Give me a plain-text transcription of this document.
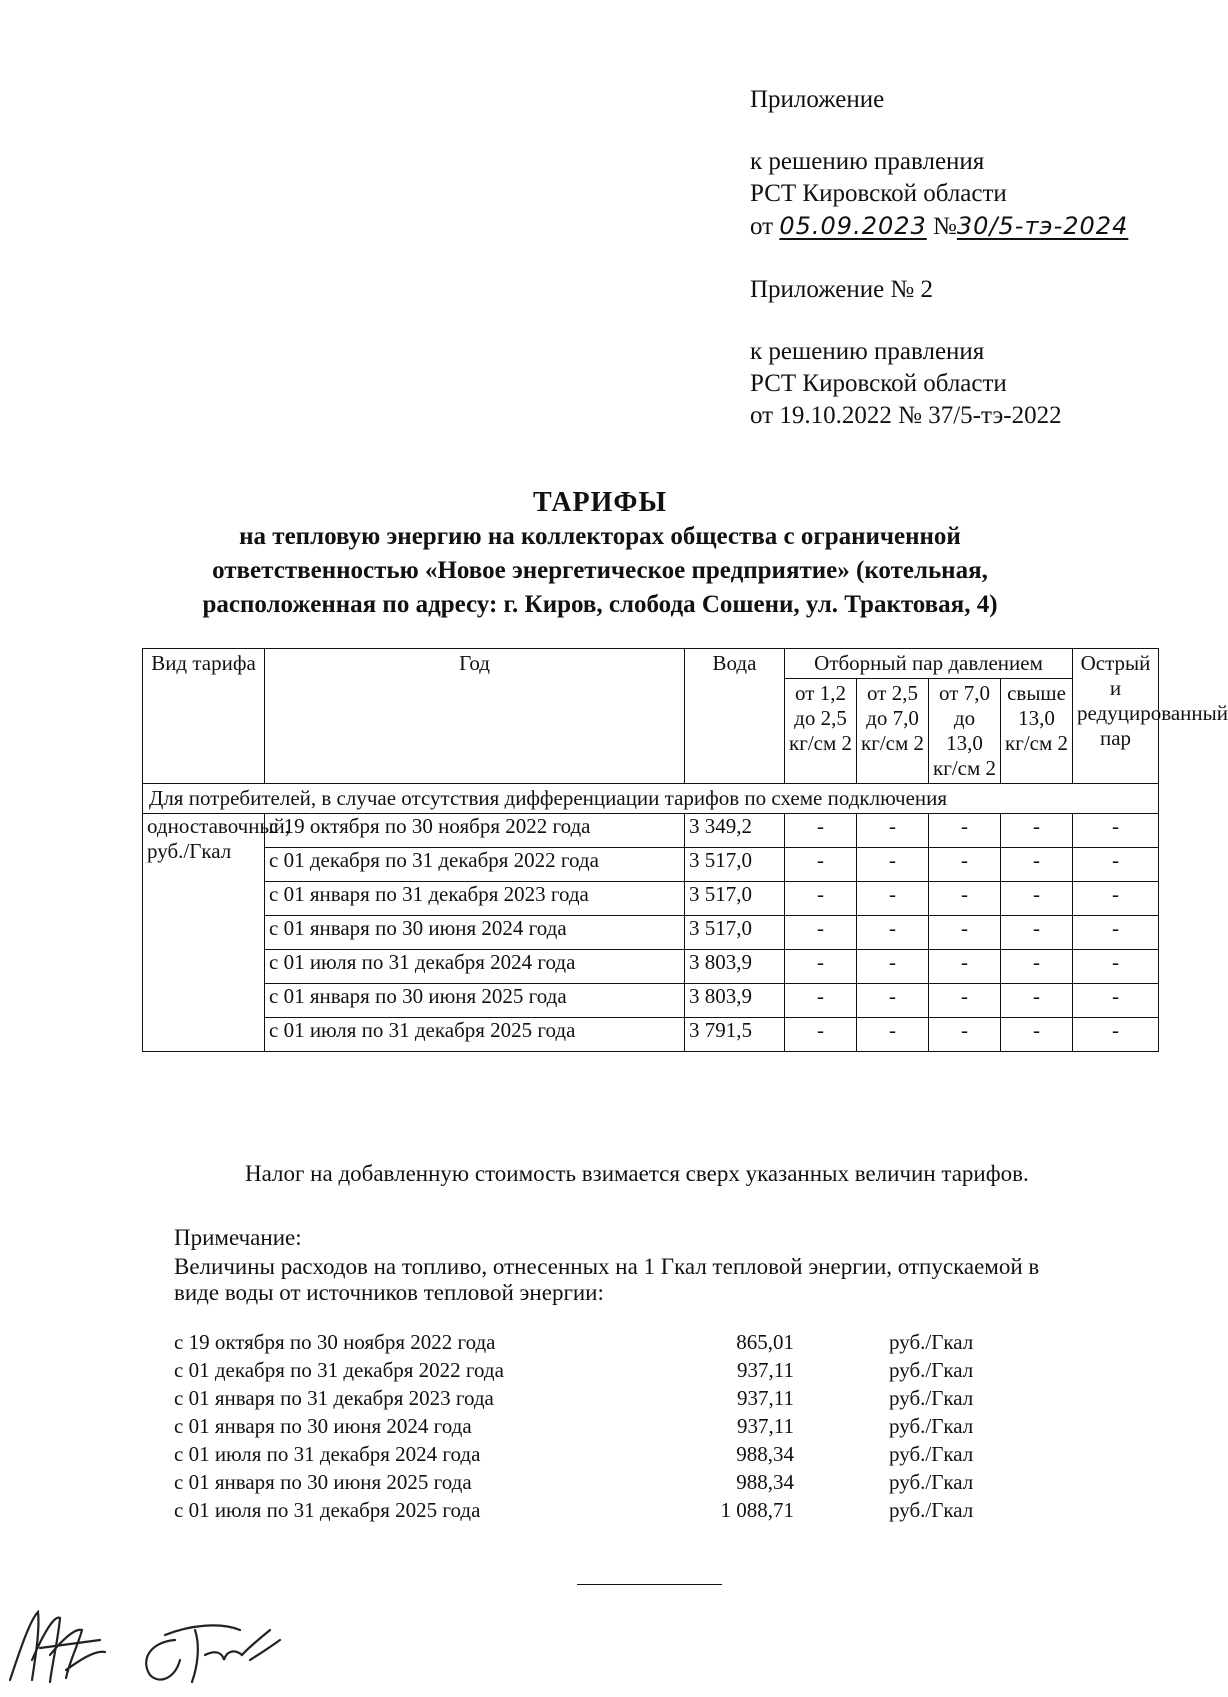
Приложение
к решению правления
РСТ Кировской области
от 05.09.2023 №30/5-тэ-2024
Приложение № 2
к решению правления
РСТ Кировской области
от 19.10.2022 № 37/5-тэ-2022
ТАРИФЫ
на тепловую энергию на коллекторах общества с ограниченной
ответственностью «Новое энергетическое предприятие» (котельная,
расположенная по адресу: г. Киров, слобода Сошени, ул. Трактовая, 4)
Вид тарифа	Год	Вода	Отборный пар давлением				Острый и редуцированный пар
			от 1,2 до 2,5 кг/см 2	от 2,5 до 7,0 кг/см 2	от 7,0 до 13,0 кг/см 2	свыше 13,0 кг/см 2	
Для потребителей, в случае отсутствия дифференциации тарифов по схеме подключения							
одноставочный, руб./Гкал	с 19 октября по 30 ноября 2022 года	3 349,2	-	-	-	-	-
	с 01 декабря по 31 декабря 2022 года	3 517,0	-	-	-	-	-
	с 01 января по 31 декабря 2023 года	3 517,0	-	-	-	-	-
	с 01 января по 30 июня 2024 года	3 517,0	-	-	-	-	-
	с 01 июля по 31 декабря 2024 года	3 803,9	-	-	-	-	-
	с 01 января по 30 июня 2025 года	3 803,9	-	-	-	-	-
	с 01 июля по 31 декабря 2025 года	3 791,5	-	-	-	-	-
Налог на добавленную стоимость взимается сверх указанных величин тарифов.
Примечание:
Величины расходов на топливо, отнесенных на 1 Гкал тепловой энергии, отпускаемой в
виде воды от источников тепловой энергии:
с 19 октября по 30 ноября 2022 года	865,01	руб./Гкал
с 01 декабря по 31 декабря 2022 года	937,11	руб./Гкал
с 01 января по 31 декабря 2023 года	937,11	руб./Гкал
с 01 января по 30 июня 2024 года	937,11	руб./Гкал
с 01 июля по 31 декабря 2024 года	988,34	руб./Гкал
с 01 января по 30 июня 2025 года	988,34	руб./Гкал
с 01 июля по 31 декабря 2025 года	1 088,71	руб./Гкал
